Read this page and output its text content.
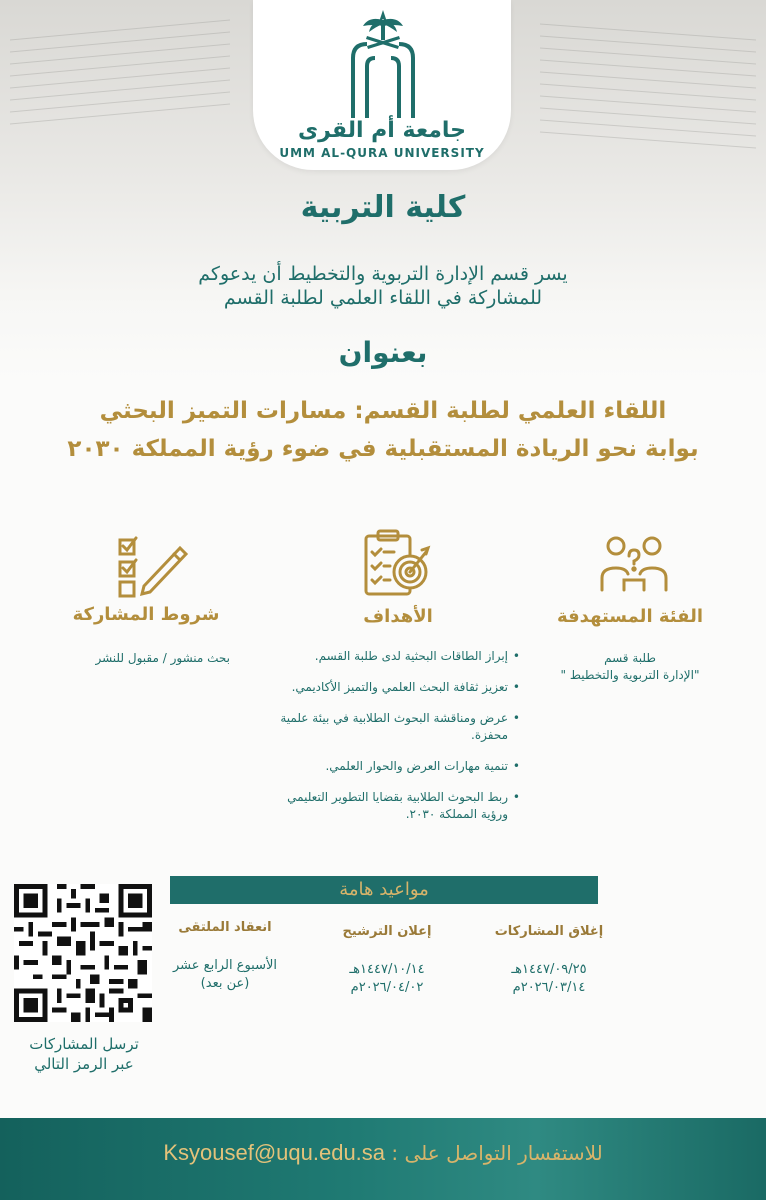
جامعة أم القرى
UMM AL-QURA UNIVERSITY
كلية التربية
يسر قسم الإدارة التربوية والتخطيط أن يدعوكم
للمشاركة في اللقاء العلمي لطلبة القسم
بعنوان
اللقاء العلمي لطلبة القسم: مسارات التميز البحثي
بوابة نحو الريادة المستقبلية في ضوء رؤية المملكة ٢٠٣٠
الفئة المستهدفة
الأهداف
شروط المشاركة
طلبة قسم
"الإدارة التربوية والتخطيط "
• إبراز الطاقات البحثية لدى طلبة القسم.
• تعزيز ثقافة البحث العلمي والتميز الأكاديمي.
• عرض ومناقشة البحوث الطلابية في بيئة علمية محفزة.
• تنمية مهارات العرض والحوار العلمي.
• ربط البحوث الطلابية بقضايا التطوير التعليمي ورؤية المملكة ٢٠٣٠.
بحث منشور / مقبول للنشر
مواعيد هامة
إغلاق المشاركات
١٤٤٧/٠٩/٢٥هـ
٢٠٢٦/٠٣/١٤م
إعلان الترشيح
١٤٤٧/١٠/١٤هـ
٢٠٢٦/٠٤/٠٢م
انعقاد الملتقى
الأسبوع الرابع عشر
(عن بعد)
ترسل المشاركات
عبر الرمز التالي
للاستفسار التواصل على : Ksyousef@uqu.edu.sa
